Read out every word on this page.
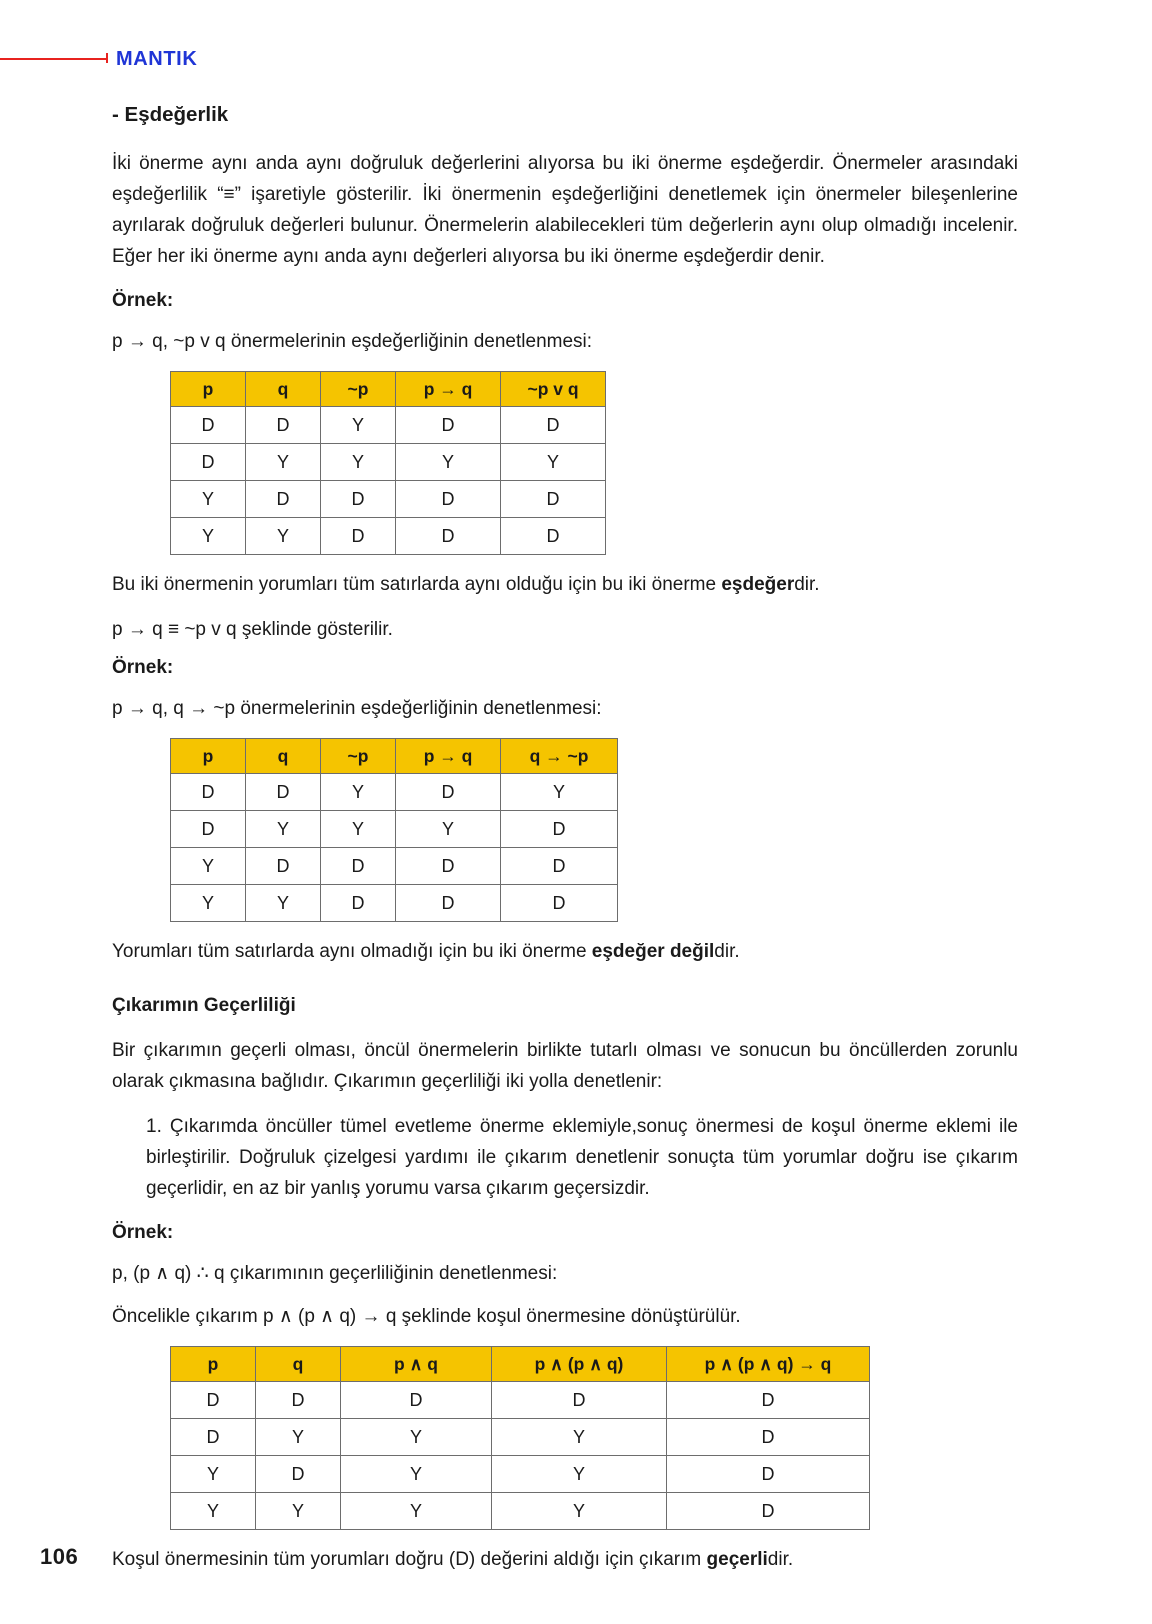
MANTIK
- Eşdeğerlik

İki önerme aynı anda aynı doğruluk değerlerini alıyorsa bu iki önerme eşdeğerdir. Önermeler arasındaki eşdeğerlilik “≡” işaretiyle gösterilir. İki önermenin eşdeğerliğini denetlemek için önermeler bileşenlerine ayrılarak doğruluk değerleri bulunur. Önermelerin alabilecekleri tüm değerlerin aynı olup olmadığı incelenir. Eğer her iki önerme aynı anda aynı değerleri alıyorsa bu iki önerme eşdeğerdir denir.

Örnek:
p → q, ~p v q önermelerinin eşdeğerliğinin denetlenmesi:
p	q	~p	p → q	~p v q
D	D	Y	D	D
D	Y	Y	Y	Y
Y	D	D	D	D
Y	Y	D	D	D

Bu iki önermenin yorumları tüm satırlarda aynı olduğu için bu iki önerme eşdeğerdir.

p → q ≡ ~p v q şeklinde gösterilir.

Örnek:
p → q, q → ~p önermelerinin eşdeğerliğinin denetlenmesi:
p	q	~p	p → q	q → ~p
D	D	Y	D	Y
D	Y	Y	Y	D
Y	D	D	D	D
Y	Y	D	D	D

Yorumları tüm satırlarda aynı olmadığı için bu iki önerme eşdeğer değildir.

Çıkarımın Geçerliliği

Bir çıkarımın geçerli olması, öncül önermelerin birlikte tutarlı olması ve sonucun bu öncüllerden zorunlu olarak çıkmasına bağlıdır. Çıkarımın geçerliliği iki yolla denetlenir:

1. Çıkarımda öncüller tümel evetleme önerme eklemiyle,sonuç önermesi de koşul önerme eklemi ile birleştirilir. Doğruluk çizelgesi yardımı ile çıkarım denetlenir sonuçta tüm yorumlar doğru ise çıkarım geçerlidir, en az bir yanlış yorumu varsa çıkarım geçersizdir.

Örnek:
p, (p ∧ q) ∴ q çıkarımının geçerliliğinin denetlenmesi:
Öncelikle çıkarım p ∧ (p ∧ q) → q şeklinde koşul önermesine dönüştürülür.
p	q	p ∧ q	p ∧ (p ∧ q)	p ∧ (p ∧ q) → q
D	D	D	D	D
D	Y	Y	Y	D
Y	D	Y	Y	D
Y	Y	Y	Y	D

Koşul önermesinin tüm yorumları doğru (D) değerini aldığı için çıkarım geçerlidir.

106
